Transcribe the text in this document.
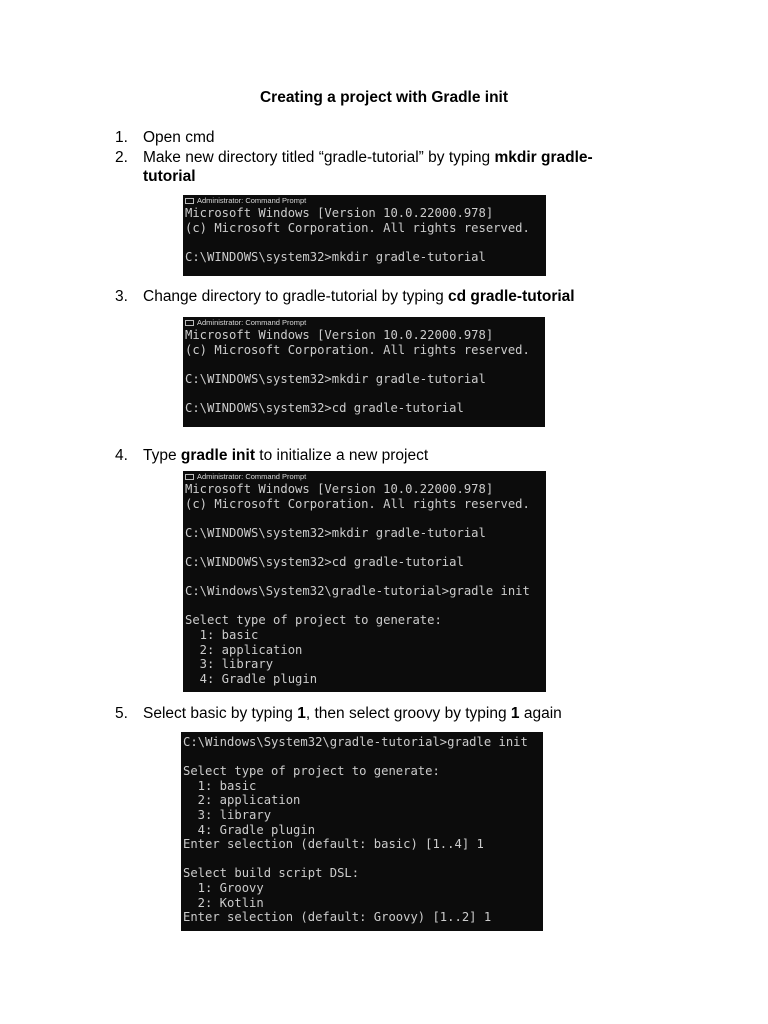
Creating a project with Gradle init
1. Open cmd
2. Make new directory titled “gradle-tutorial” by typing mkdir gradle-
tutorial
Administrator: Command Prompt
Microsoft Windows [Version 10.0.22000.978]
(c) Microsoft Corporation. All rights reserved.
C:\WINDOWS\system32>mkdir gradle-tutorial
3. Change directory to gradle-tutorial by typing cd gradle-tutorial
Administrator: Command Prompt
Microsoft Windows [Version 10.0.22000.978]
(c) Microsoft Corporation. All rights reserved.
C:\WINDOWS\system32>mkdir gradle-tutorial
C:\WINDOWS\system32>cd gradle-tutorial
4. Type gradle init to initialize a new project
Administrator: Command Prompt
Microsoft Windows [Version 10.0.22000.978]
(c) Microsoft Corporation. All rights reserved.
C:\WINDOWS\system32>mkdir gradle-tutorial
C:\WINDOWS\system32>cd gradle-tutorial
C:\Windows\System32\gradle-tutorial>gradle init
Select type of project to generate:
1: basic
2: application
3: library
4: Gradle plugin
5. Select basic by typing 1, then select groovy by typing 1 again
C:\Windows\System32\gradle-tutorial>gradle init
Select type of project to generate:
1: basic
2: application
3: library
4: Gradle plugin
Enter selection (default: basic) [1..4] 1
Select build script DSL:
1: Groovy
2: Kotlin
Enter selection (default: Groovy) [1..2] 1
